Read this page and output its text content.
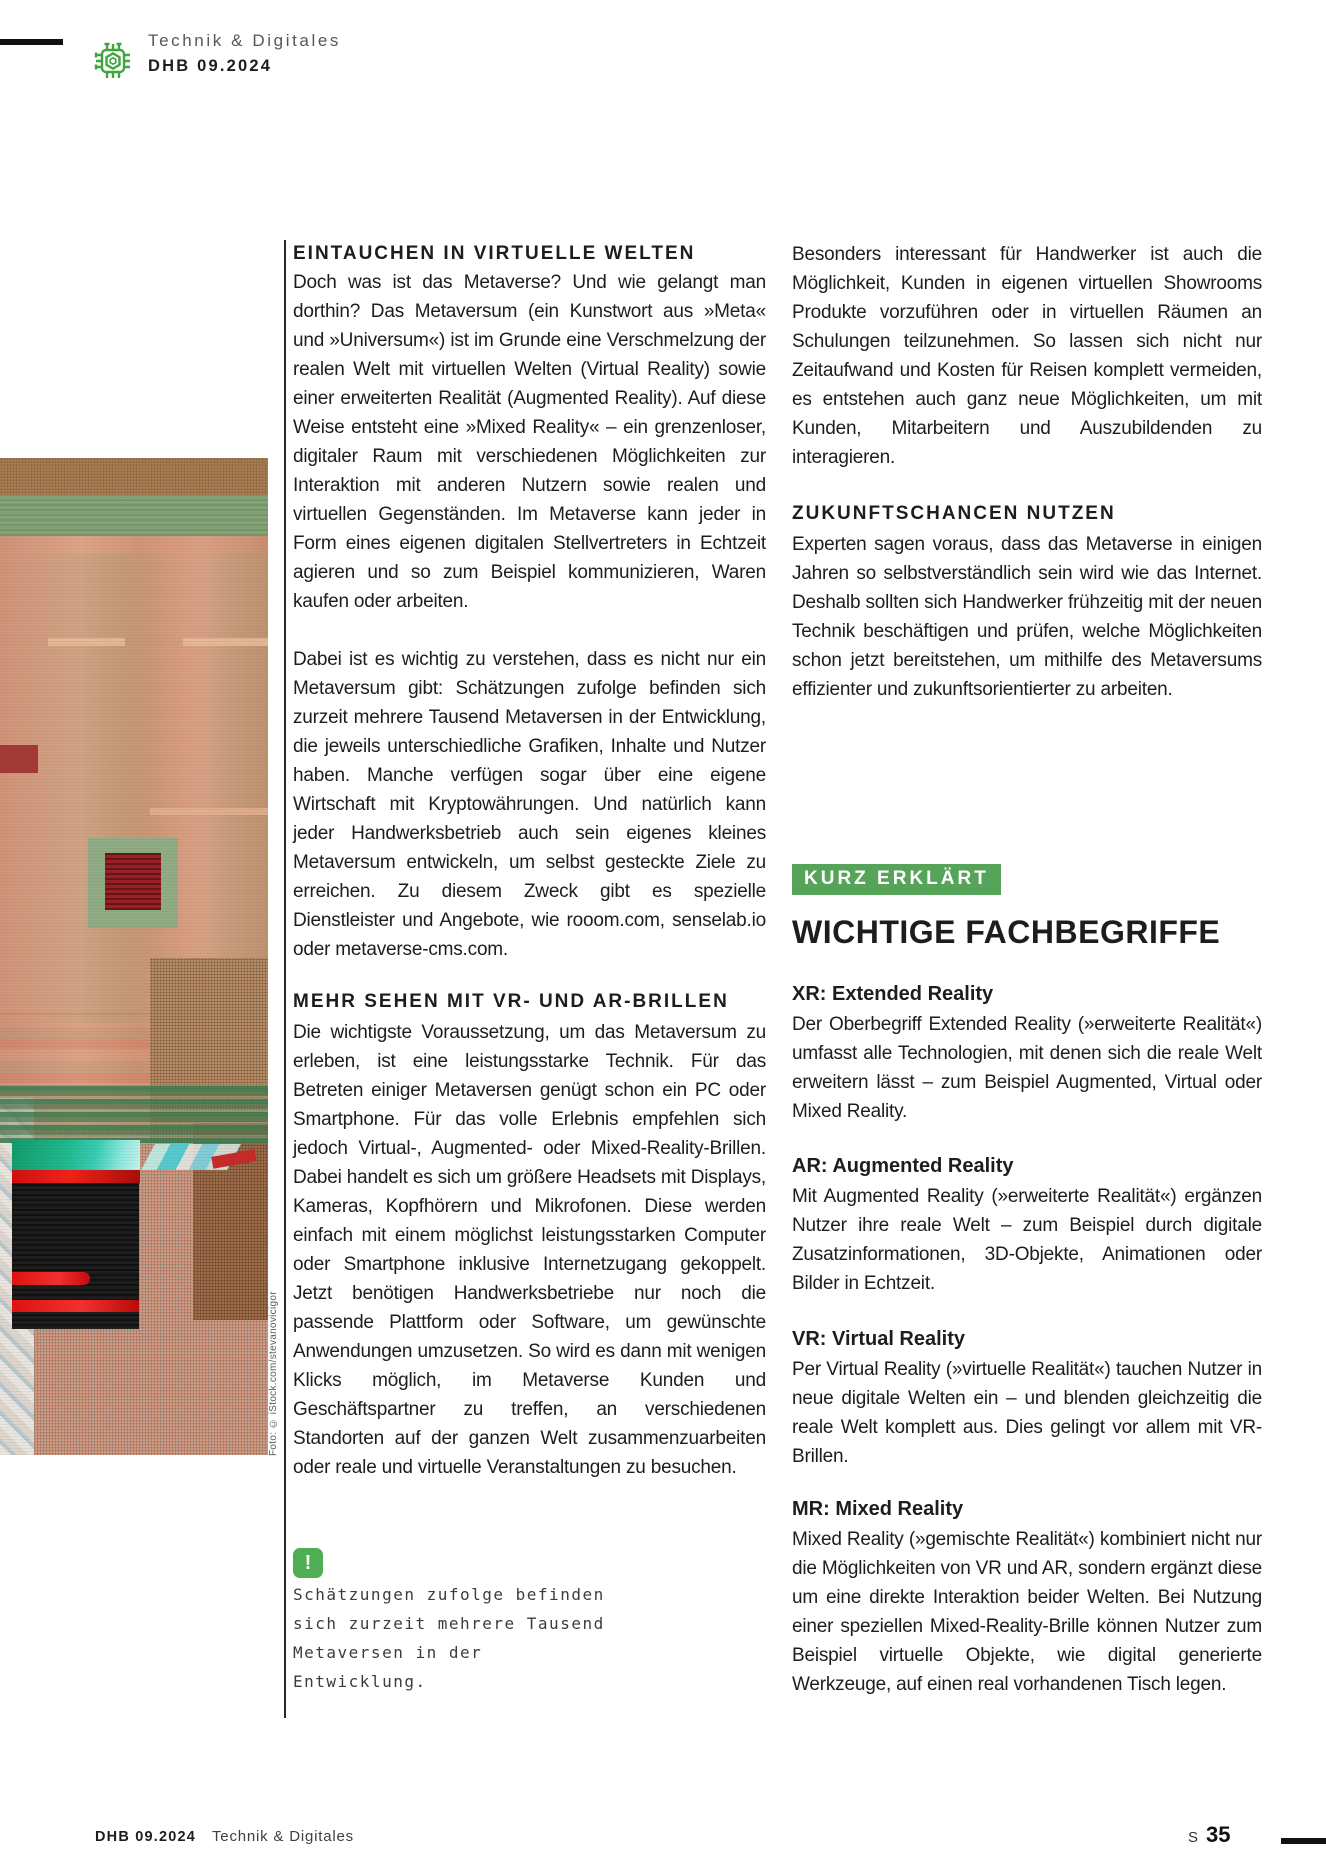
Technik & Digitales
DHB 09.2024
Foto: © iStock.com/stevanovicigor
EINTAUCHEN IN VIRTUELLE WELTEN

Doch was ist das Metaverse? Und wie gelangt man dorthin? Das Metaversum (ein Kunstwort aus »Meta« und »Universum«) ist im Grunde eine Verschmelzung der realen Welt mit virtuellen Welten (Virtual Reality) sowie einer erweiterten Realität (Augmented Reality). Auf diese Weise entsteht eine »Mixed Reality« – ein grenzenloser, digitaler Raum mit verschiedenen Möglichkeiten zur Interaktion mit anderen Nutzern sowie realen und virtuellen Gegenständen. Im Metaverse kann jeder in Form eines eigenen digitalen Stellvertreters in Echtzeit agieren und so zum Beispiel kommunizieren, Waren kaufen oder arbeiten.

Dabei ist es wichtig zu verstehen, dass es nicht nur ein Metaversum gibt: Schätzungen zufolge befinden sich zurzeit mehrere Tausend Metaversen in der Entwicklung, die jeweils unterschiedliche Grafiken, Inhalte und Nutzer haben. Manche verfügen sogar über eine eigene Wirtschaft mit Kryptowährungen. Und natürlich kann jeder Handwerksbetrieb auch sein eigenes kleines Metaversum entwickeln, um selbst gesteckte Ziele zu erreichen. Zu diesem Zweck gibt es spezielle Dienstleister und Angebote, wie rooom.com, senselab.io oder metaverse-cms.com.

MEHR SEHEN MIT VR- UND AR-BRILLEN

Die wichtigste Voraussetzung, um das Metaversum zu erleben, ist eine leistungsstarke Technik. Für das Betreten einiger Metaversen genügt schon ein PC oder Smartphone. Für das volle Erlebnis empfehlen sich jedoch Virtual-, Augmented- oder Mixed-Reality-Brillen. Dabei handelt es sich um größere Headsets mit Displays, Kameras, Kopfhörern und Mikrofonen. Diese werden einfach mit einem möglichst leistungsstarken Computer oder Smartphone inklusive Internetzugang gekoppelt. Jetzt benötigen Handwerksbetriebe nur noch die passende Plattform oder Software, um gewünschte Anwendungen umzusetzen. So wird es dann mit wenigen Klicks möglich, im Metaverse Kunden und Geschäftspartner zu treffen, an verschiedenen Standorten auf der ganzen Welt zusammenzuarbeiten oder reale und virtuelle Veranstaltungen zu besuchen.

!
Schätzungen zufolge befinden sich zurzeit mehrere Tausend Metaversen in der Entwicklung.

Besonders interessant für Handwerker ist auch die Möglichkeit, Kunden in eigenen virtuellen Showrooms Produkte vorzuführen oder in virtuellen Räumen an Schulungen teilzunehmen. So lassen sich nicht nur Zeitaufwand und Kosten für Reisen komplett vermeiden, es entstehen auch ganz neue Möglichkeiten, um mit Kunden, Mitarbeitern und Auszubildenden zu interagieren.

ZUKUNFTSCHANCEN NUTZEN

Experten sagen voraus, dass das Metaverse in einigen Jahren so selbstverständlich sein wird wie das Internet. Deshalb sollten sich Handwerker frühzeitig mit der neuen Technik beschäftigen und prüfen, welche Möglichkeiten schon jetzt bereitstehen, um mithilfe des Metaversums effizienter und zukunftsorientierter zu arbeiten.

KURZ ERKLÄRT
WICHTIGE FACHBEGRIFFE
XR: Extended Reality

Der Oberbegriff Extended Reality (»erweiterte Realität«) umfasst alle Technologien, mit denen sich die reale Welt erweitern lässt – zum Beispiel Augmented, Virtual oder Mixed Reality.

AR: Augmented Reality

Mit Augmented Reality (»erweiterte Realität«) ergänzen Nutzer ihre reale Welt – zum Beispiel durch digitale Zusatzinformationen, 3D-Objekte, Animationen oder Bilder in Echtzeit.

VR: Virtual Reality

Per Virtual Reality (»virtuelle Realität«) tauchen Nutzer in neue digitale Welten ein – und blenden gleichzeitig die reale Welt komplett aus. Dies gelingt vor allem mit VR-Brillen.

MR: Mixed Reality

Mixed Reality (»gemischte Realität«) kombiniert nicht nur die Möglichkeiten von VR und AR, sondern ergänzt diese um eine direkte Interaktion beider Welten. Bei Nutzung einer speziellen Mixed-Reality-Brille können Nutzer zum Beispiel virtuelle Objekte, wie digital generierte Werkzeuge, auf einen real vorhandenen Tisch legen.

DHB 09.2024 Technik & Digitales	S 35
